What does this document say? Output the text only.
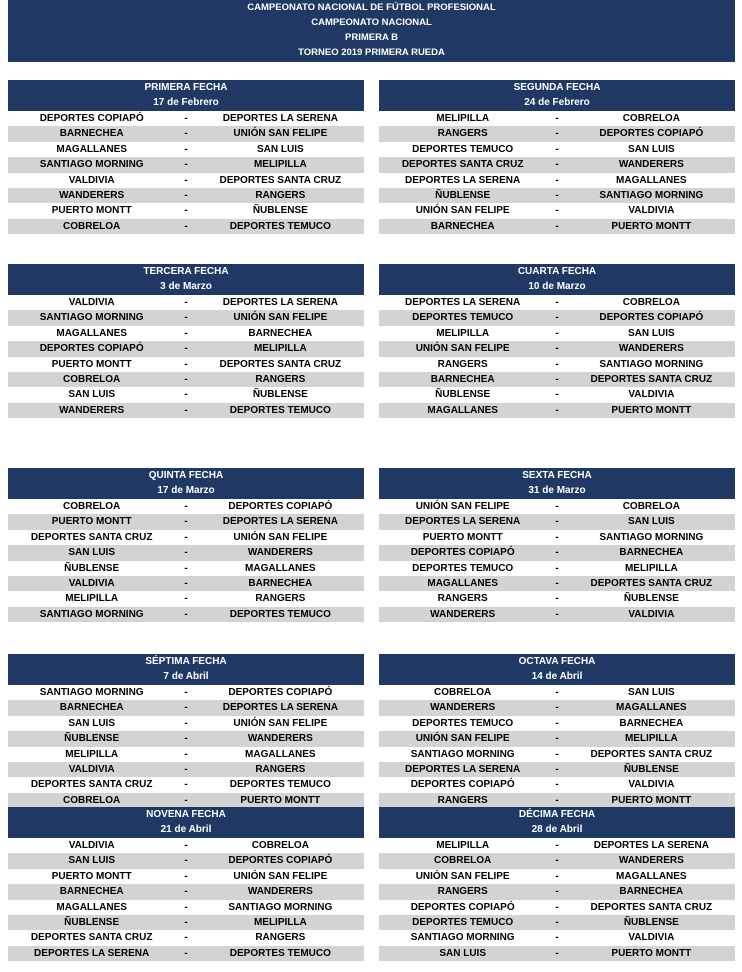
CAMPEONATO NACIONAL DE FÚTBOL PROFESIONAL
CAMPEONATO NACIONAL
PRIMERA B
TORNEO 2019 PRIMERA RUEDA
PRIMERA FECHA
17 de Febrero
DEPORTES COPIAPÓ	-	DEPORTES LA SERENA
BARNECHEA	-	UNIÓN SAN FELIPE
MAGALLANES	-	SAN LUIS
SANTIAGO MORNING	-	MELIPILLA
VALDIVIA	-	DEPORTES SANTA CRUZ
WANDERERS	-	RANGERS
PUERTO MONTT	-	ÑUBLENSE
COBRELOA	-	DEPORTES TEMUCO
SEGUNDA FECHA
24 de Febrero
MELIPILLA	-	COBRELOA
RANGERS	-	DEPORTES COPIAPÓ
DEPORTES TEMUCO	-	SAN LUIS
DEPORTES SANTA CRUZ	-	WANDERERS
DEPORTES LA SERENA	-	MAGALLANES
ÑUBLENSE	-	SANTIAGO MORNING
UNIÓN SAN FELIPE	-	VALDIVIA
BARNECHEA	-	PUERTO MONTT
TERCERA FECHA
3 de Marzo
VALDIVIA	-	DEPORTES LA SERENA
SANTIAGO MORNING	-	UNIÓN SAN FELIPE
MAGALLANES	-	BARNECHEA
DEPORTES COPIAPÓ	-	MELIPILLA
PUERTO MONTT	-	DEPORTES SANTA CRUZ
COBRELOA	-	RANGERS
SAN LUIS	-	ÑUBLENSE
WANDERERS	-	DEPORTES TEMUCO
CUARTA FECHA
10 de Marzo
DEPORTES LA SERENA	-	COBRELOA
DEPORTES TEMUCO	-	DEPORTES COPIAPÓ
MELIPILLA	-	SAN LUIS
UNIÓN SAN FELIPE	-	WANDERERS
RANGERS	-	SANTIAGO MORNING
BARNECHEA	-	DEPORTES SANTA CRUZ
ÑUBLENSE	-	VALDIVIA
MAGALLANES	-	PUERTO MONTT
QUINTA FECHA
17 de Marzo
COBRELOA	-	DEPORTES COPIAPÓ
PUERTO MONTT	-	DEPORTES LA SERENA
DEPORTES SANTA CRUZ	-	UNIÓN SAN FELIPE
SAN LUIS	-	WANDERERS
ÑUBLENSE	-	MAGALLANES
VALDIVIA	-	BARNECHEA
MELIPILLA	-	RANGERS
SANTIAGO MORNING	-	DEPORTES TEMUCO
SEXTA FECHA
31 de Marzo
UNIÓN SAN FELIPE	-	COBRELOA
DEPORTES LA SERENA	-	SAN LUIS
PUERTO MONTT	-	SANTIAGO MORNING
DEPORTES COPIAPÓ	-	BARNECHEA
DEPORTES TEMUCO	-	MELIPILLA
MAGALLANES	-	DEPORTES SANTA CRUZ
RANGERS	-	ÑUBLENSE
WANDERERS	-	VALDIVIA
SÉPTIMA FECHA
7 de Abril
SANTIAGO MORNING	-	DEPORTES COPIAPÓ
BARNECHEA	-	DEPORTES LA SERENA
SAN LUIS	-	UNIÓN SAN FELIPE
ÑUBLENSE	-	WANDERERS
MELIPILLA	-	MAGALLANES
VALDIVIA	-	RANGERS
DEPORTES SANTA CRUZ	-	DEPORTES TEMUCO
COBRELOA	-	PUERTO MONTT
OCTAVA FECHA
14 de Abril
COBRELOA	-	SAN LUIS
WANDERERS	-	MAGALLANES
DEPORTES TEMUCO	-	BARNECHEA
UNIÓN SAN FELIPE	-	MELIPILLA
SANTIAGO MORNING	-	DEPORTES SANTA CRUZ
DEPORTES LA SERENA	-	ÑUBLENSE
DEPORTES COPIAPÓ	-	VALDIVIA
RANGERS	-	PUERTO MONTT
NOVENA FECHA
21 de Abril
VALDIVIA	-	COBRELOA
SAN LUIS	-	DEPORTES COPIAPÓ
PUERTO MONTT	-	UNIÓN SAN FELIPE
BARNECHEA	-	WANDERERS
MAGALLANES	-	SANTIAGO MORNING
ÑUBLENSE	-	MELIPILLA
DEPORTES SANTA CRUZ	-	RANGERS
DEPORTES LA SERENA	-	DEPORTES TEMUCO
DÉCIMA FECHA
28 de Abril
MELIPILLA	-	DEPORTES LA SERENA
COBRELOA	-	WANDERERS
UNIÓN SAN FELIPE	-	MAGALLANES
RANGERS	-	BARNECHEA
DEPORTES COPIAPÓ	-	DEPORTES SANTA CRUZ
DEPORTES TEMUCO	-	ÑUBLENSE
SANTIAGO MORNING	-	VALDIVIA
SAN LUIS	-	PUERTO MONTT
